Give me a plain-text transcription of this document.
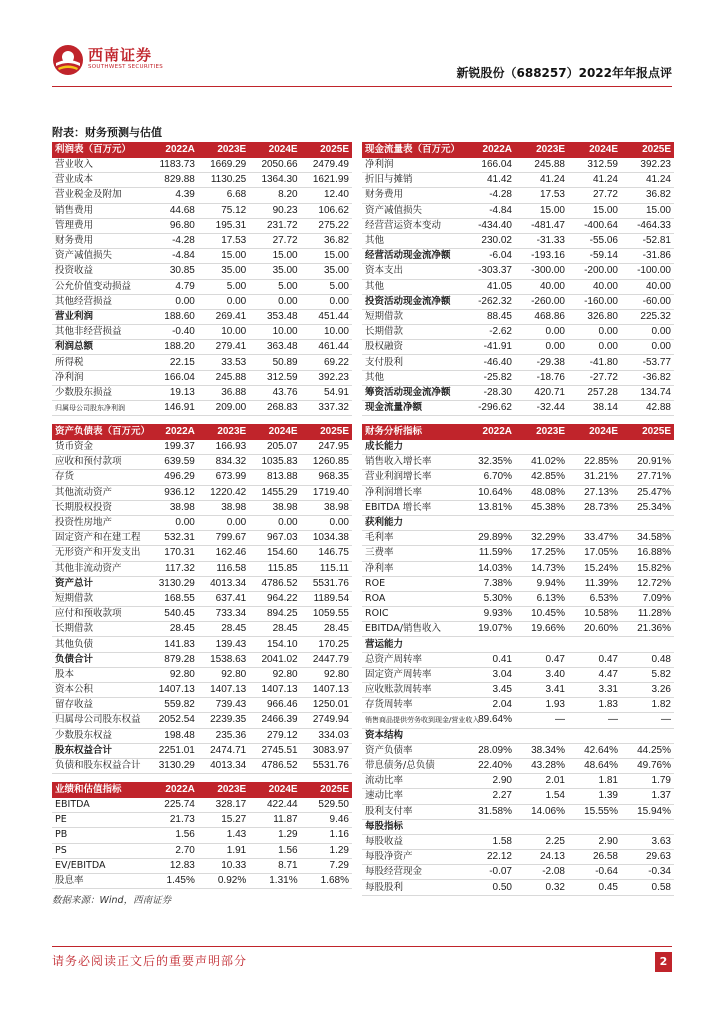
西南证券
SOUTHWEST SECURITIES	新锐股份（688257）2022年年报点评
附表：财务预测与估值
利润表（百万元）	2022A	2023E	2024E	2025E
营业收入	1183.73	1669.29	2050.66	2479.49
营业成本	829.88	1130.25	1364.30	1621.99
营业税金及附加	4.39	6.68	8.20	12.40
销售费用	44.68	75.12	90.23	106.62
管理费用	96.80	195.31	231.72	275.22
财务费用	-4.28	17.53	27.72	36.82
资产减值损失	-4.84	15.00	15.00	15.00
投资收益	30.85	35.00	35.00	35.00
公允价值变动损益	4.79	5.00	5.00	5.00
其他经营损益	0.00	0.00	0.00	0.00
营业利润	188.60	269.41	353.48	451.44
其他非经营损益	-0.40	10.00	10.00	10.00
利润总额	188.20	279.41	363.48	461.44
所得税	22.15	33.53	50.89	69.22
净利润	166.04	245.88	312.59	392.23
少数股东损益	19.13	36.88	43.76	54.91
归属母公司股东净利润	146.91	209.00	268.83	337.32
资产负债表（百万元）	2022A	2023E	2024E	2025E
货币资金	199.37	166.93	205.07	247.95
应收和预付款项	639.59	834.32	1035.83	1260.85
存货	496.29	673.99	813.88	968.35
其他流动资产	936.12	1220.42	1455.29	1719.40
长期股权投资	38.98	38.98	38.98	38.98
投资性房地产	0.00	0.00	0.00	0.00
固定资产和在建工程	532.31	799.67	967.03	1034.38
无形资产和开发支出	170.31	162.46	154.60	146.75
其他非流动资产	117.32	116.58	115.85	115.11
资产总计	3130.29	4013.34	4786.52	5531.76
短期借款	168.55	637.41	964.22	1189.54
应付和预收款项	540.45	733.34	894.25	1059.55
长期借款	28.45	28.45	28.45	28.45
其他负债	141.83	139.43	154.10	170.25
负债合计	879.28	1538.63	2041.02	2447.79
股本	92.80	92.80	92.80	92.80
资本公积	1407.13	1407.13	1407.13	1407.13
留存收益	559.82	739.43	966.46	1250.01
归属母公司股东权益	2052.54	2239.35	2466.39	2749.94
少数股东权益	198.48	235.36	279.12	334.03
股东权益合计	2251.01	2474.71	2745.51	3083.97
负债和股东权益合计	3130.29	4013.34	4786.52	5531.76
业绩和估值指标	2022A	2023E	2024E	2025E
EBITDA	225.74	328.17	422.44	529.50
PE	21.73	15.27	11.87	9.46
PB	1.56	1.43	1.29	1.16
PS	2.70	1.91	1.56	1.29
EV/EBITDA	12.83	10.33	8.71	7.29
股息率	1.45%	0.92%	1.31%	1.68%
现金流量表（百万元）	2022A	2023E	2024E	2025E
净利润	166.04	245.88	312.59	392.23
折旧与摊销	41.42	41.24	41.24	41.24
财务费用	-4.28	17.53	27.72	36.82
资产减值损失	-4.84	15.00	15.00	15.00
经营营运资本变动	-434.40	-481.47	-400.64	-464.33
其他	230.02	-31.33	-55.06	-52.81
经营活动现金流净额	-6.04	-193.16	-59.14	-31.86
资本支出	-303.37	-300.00	-200.00	-100.00
其他	41.05	40.00	40.00	40.00
投资活动现金流净额	-262.32	-260.00	-160.00	-60.00
短期借款	88.45	468.86	326.80	225.32
长期借款	-2.62	0.00	0.00	0.00
股权融资	-41.91	0.00	0.00	0.00
支付股利	-46.40	-29.38	-41.80	-53.77
其他	-25.82	-18.76	-27.72	-36.82
筹资活动现金流净额	-28.30	420.71	257.28	134.74
现金流量净额	-296.62	-32.44	38.14	42.88
财务分析指标	2022A	2023E	2024E	2025E
成长能力				
销售收入增长率	32.35%	41.02%	22.85%	20.91%
营业利润增长率	6.70%	42.85%	31.21%	27.71%
净利润增长率	10.64%	48.08%	27.13%	25.47%
EBITDA 增长率	13.81%	45.38%	28.73%	25.34%
获利能力				
毛利率	29.89%	32.29%	33.47%	34.58%
三费率	11.59%	17.25%	17.05%	16.88%
净利率	14.03%	14.73%	15.24%	15.82%
ROE	7.38%	9.94%	11.39%	12.72%
ROA	5.30%	6.13%	6.53%	7.09%
ROIC	9.93%	10.45%	10.58%	11.28%
EBITDA/销售收入	19.07%	19.66%	20.60%	21.36%
营运能力				
总资产周转率	0.41	0.47	0.47	0.48
固定资产周转率	3.04	3.40	4.47	5.82
应收账款周转率	3.45	3.41	3.31	3.26
存货周转率	2.04	1.93	1.83	1.82
销售商品提供劳务收到现金/营业收入	89.64%	—	—	—
资本结构				
资产负债率	28.09%	38.34%	42.64%	44.25%
带息债务/总负债	22.40%	43.28%	48.64%	49.76%
流动比率	2.90	2.01	1.81	1.79
速动比率	2.27	1.54	1.39	1.37
股利支付率	31.58%	14.06%	15.55%	15.94%
每股指标				
每股收益	1.58	2.25	2.90	3.63
每股净资产	22.12	24.13	26.58	29.63
每股经营现金	-0.07	-2.08	-0.64	-0.34
每股股利	0.50	0.32	0.45	0.58
数据来源：Wind，西南证券
请务必阅读正文后的重要声明部分	2
